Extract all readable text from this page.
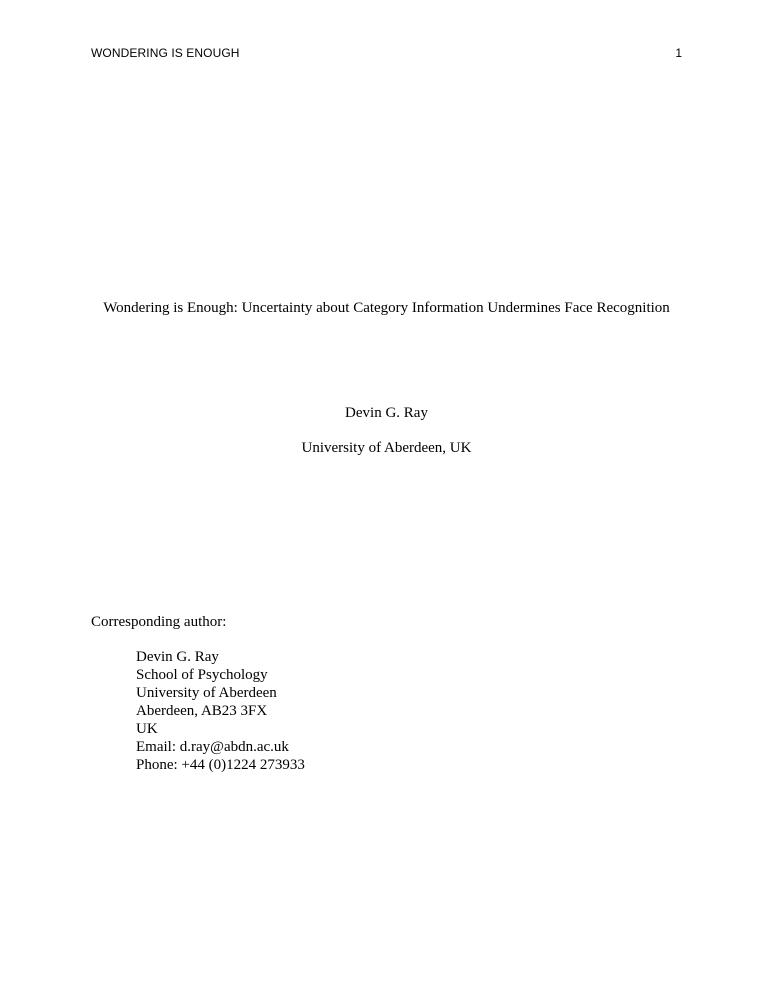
WONDERING IS ENOUGH	1
Wondering is Enough: Uncertainty about Category Information Undermines Face Recognition
Devin G. Ray
University of Aberdeen, UK
Corresponding author:
Devin G. Ray
School of Psychology
University of Aberdeen
Aberdeen, AB23 3FX
UK
Email: d.ray@abdn.ac.uk
Phone: +44 (0)1224 273933
